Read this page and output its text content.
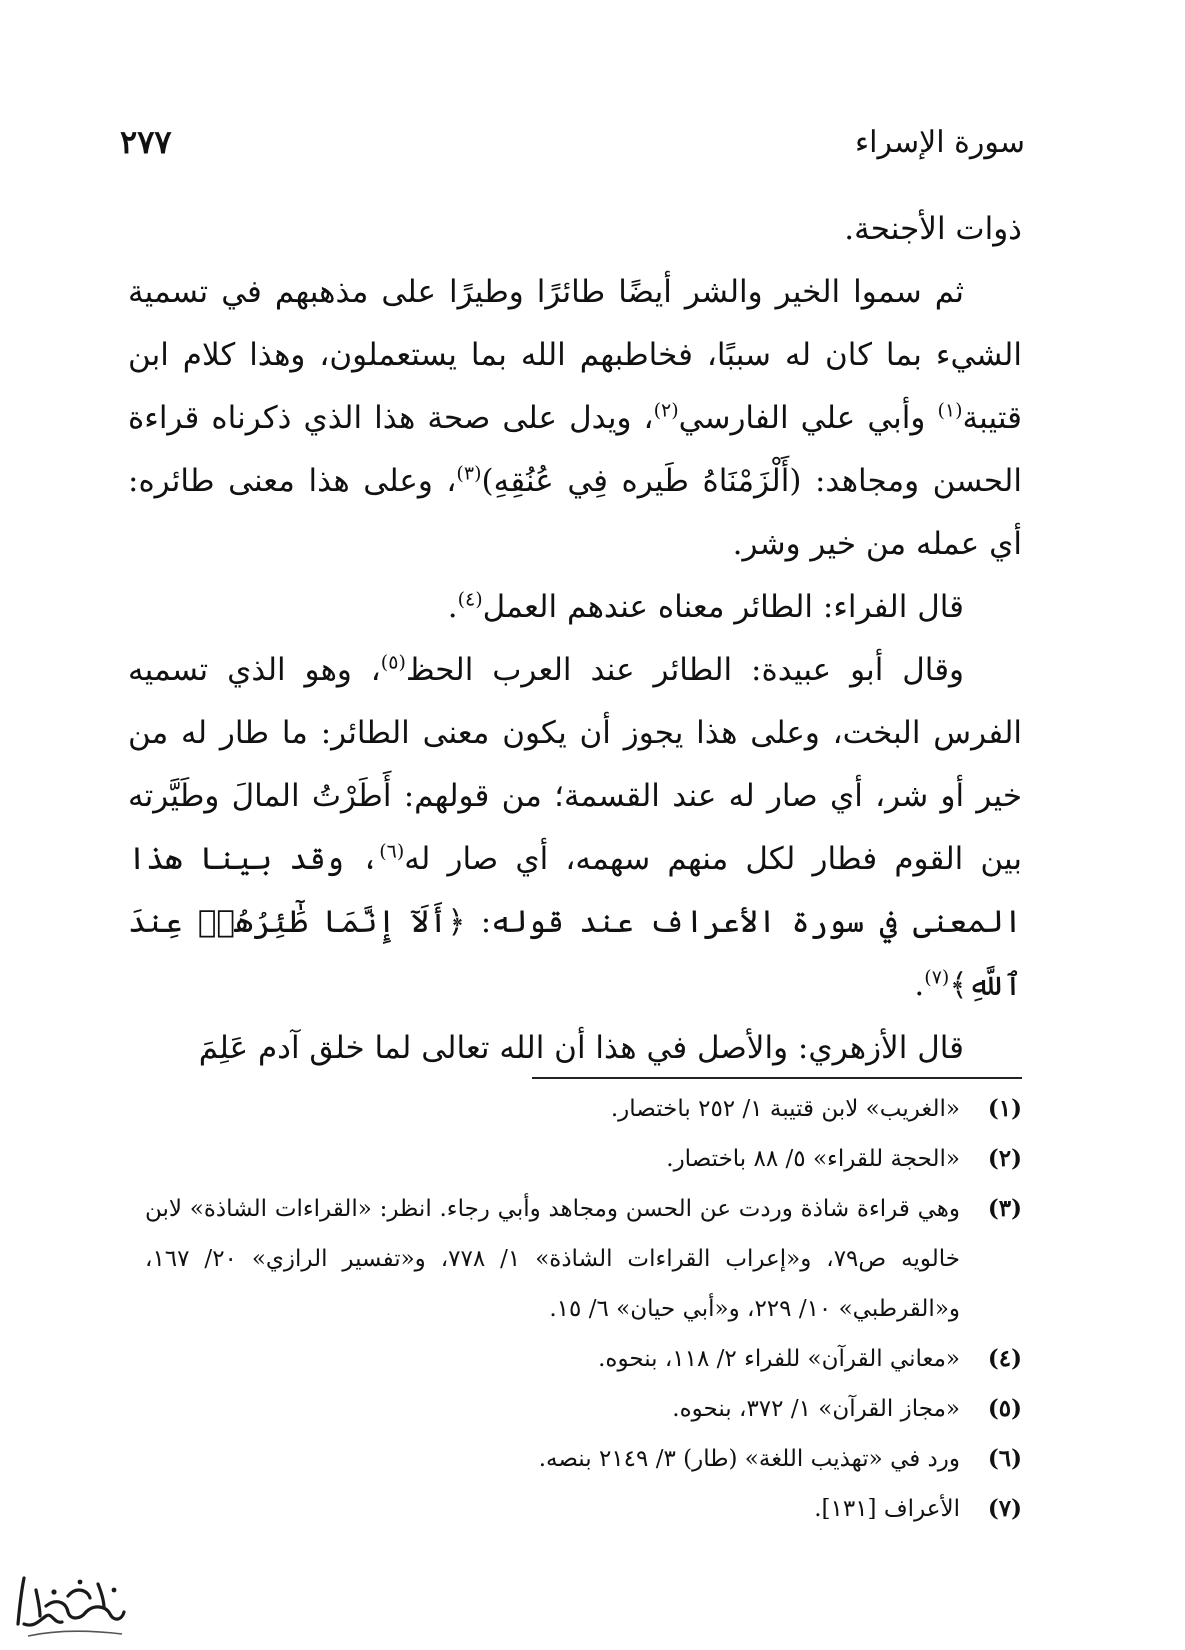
سورة الإسراء
٢٧٧

ذوات الأجنحة.

ثم سموا الخير والشر أيضًا طائرًا وطيرًا على مذهبهم في تسمية الشيء بما كان له سببًا، فخاطبهم الله بما يستعملون، وهذا كلام ابن قتيبة$^{(١)}$ وأبي علي الفارسي$^{(٢)}$، ويدل على صحة هذا الذي ذكرناه قراءة الحسن ومجاهد: (أَلْزَمْنَاهُ طَيره فِي عُنُقِهِ)$^{(٣)}$، وعلى هذا معنى طائره: أي عمله من خير وشر.

قال الفراء: الطائر معناه عندهم العمل$^{(٤)}$.

وقال أبو عبيدة: الطائر عند العرب الحظ$^{(٥)}$، وهو الذي تسميه الفرس البخت، وعلى هذا يجوز أن يكون معنى الطائر: ما طار له من خير أو شر، أي صار له عند القسمة؛ من قولهم: أَطَرْتُ المالَ وطَيَّرته بين القوم فطار لكل منهم سهمه، أي صار له$^{(٦)}$، وقد بينا هذا المعنى في سورة الأعراف عند قوله: ﴿أَلَآ إِنَّمَا طَٰٓئِرُهُمۡ عِندَ ٱللَّهِ﴾$^{(٧)}$.

قال الأزهري: والأصل في هذا أن الله تعالى لما خلق آدم عَلِمَ

(١)
«الغريب» لابن قتيبة ١/ ٢٥٢ باختصار.
(٢)
«الحجة للقراء» ٥/ ٨٨ باختصار.
(٣)
وهي قراءة شاذة وردت عن الحسن ومجاهد وأبي رجاء. انظر: «القراءات الشاذة» لابن خالويه ص٧٩، و«إعراب القراءات الشاذة» ١/ ٧٧٨، و«تفسير الرازي» ٢٠/ ١٦٧، و«القرطبي» ١٠/ ٢٢٩، و«أبي حيان» ٦/ ١٥.
(٤)
«معاني القرآن» للفراء ٢/ ١١٨، بنحوه.
(٥)
«مجاز القرآن» ١/ ٣٧٢، بنحوه.
(٦)
ورد في «تهذيب اللغة» (طار) ٣/ ٢١٤٩ بنصه.
(٧)
الأعراف [١٣١].
